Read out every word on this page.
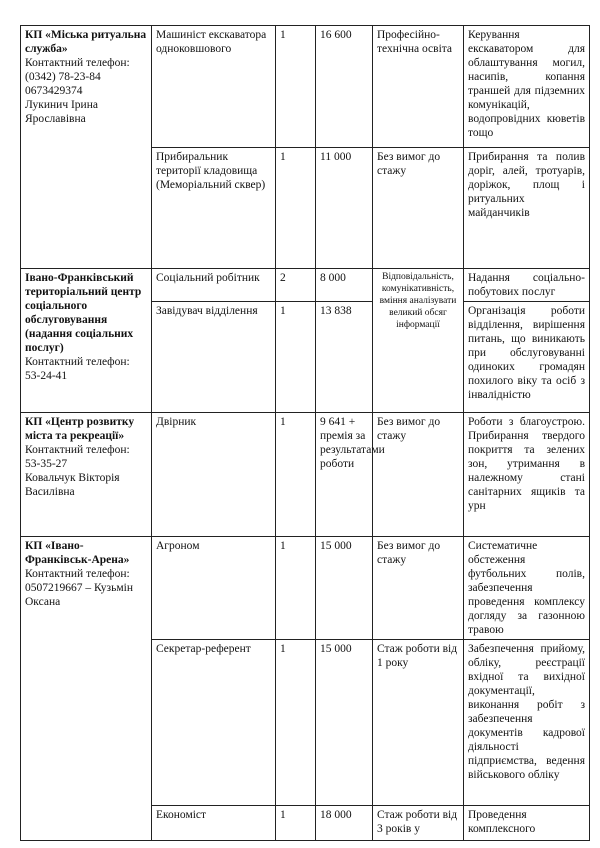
КП «Міська ритуальна служба»
Контактний телефон:
(0342) 78-23-84
0673429374
Лукинич Ірина Ярославівна	Машиніст екскаватора одноковшового	1	16 600	Професійно-технічна освіта	Керування екскаватором для облаштування могил, насипів, копання траншей для підземних комунікацій, водопровідних кюветів тощо
	Прибиральник території кладовища (Меморіальний сквер)	1	11 000	Без вимог до стажу	Прибирання та полив доріг, алей, тротуарів, доріжок, площ і ритуальних майданчиків

Івано-Франківський територіальний центр соціального обслуговування (надання соціальних послуг)
Контактний телефон:
53-24-41	Соціальний робітник	2	8 000	Відповідальність, комунікативність, вміння аналізувати великий обсяг інформації	Надання соціально-побутових послуг
	Завідувач відділення	1	13 838		Організація роботи відділення, вирішення питань, що виникають при обслуговуванні одиноких громадян похилого віку та осіб з інвалідністю

КП «Центр розвитку міста та рекреації»
Контактний телефон:
53-35-27
Ковальчук Вікторія Василівна	Двірник	1	9 641 + премія за результатами роботи	Без вимог до стажу	Роботи з благоустрою. Прибирання твердого покриття та зелених зон, утримання в належному стані санітарних ящиків та урн

КП «Івано-Франківськ-Арена»
Контактний телефон:
0507219667 – Кузьмін Оксана	Агроном	1	15 000	Без вимог до стажу	Систематичне обстеження футбольних полів, забезпечення проведення комплексу догляду за газонною травою
	Секретар-референт	1	15 000	Стаж роботи від 1 року	Забезпечення прийому, обліку, реєстрації вхідної та вихідної документації, виконання робіт з забезпечення документів кадрової діяльності підприємства, ведення військового обліку
	Економіст	1	18 000	Стаж роботи від 3 років у	Проведення комплексного
